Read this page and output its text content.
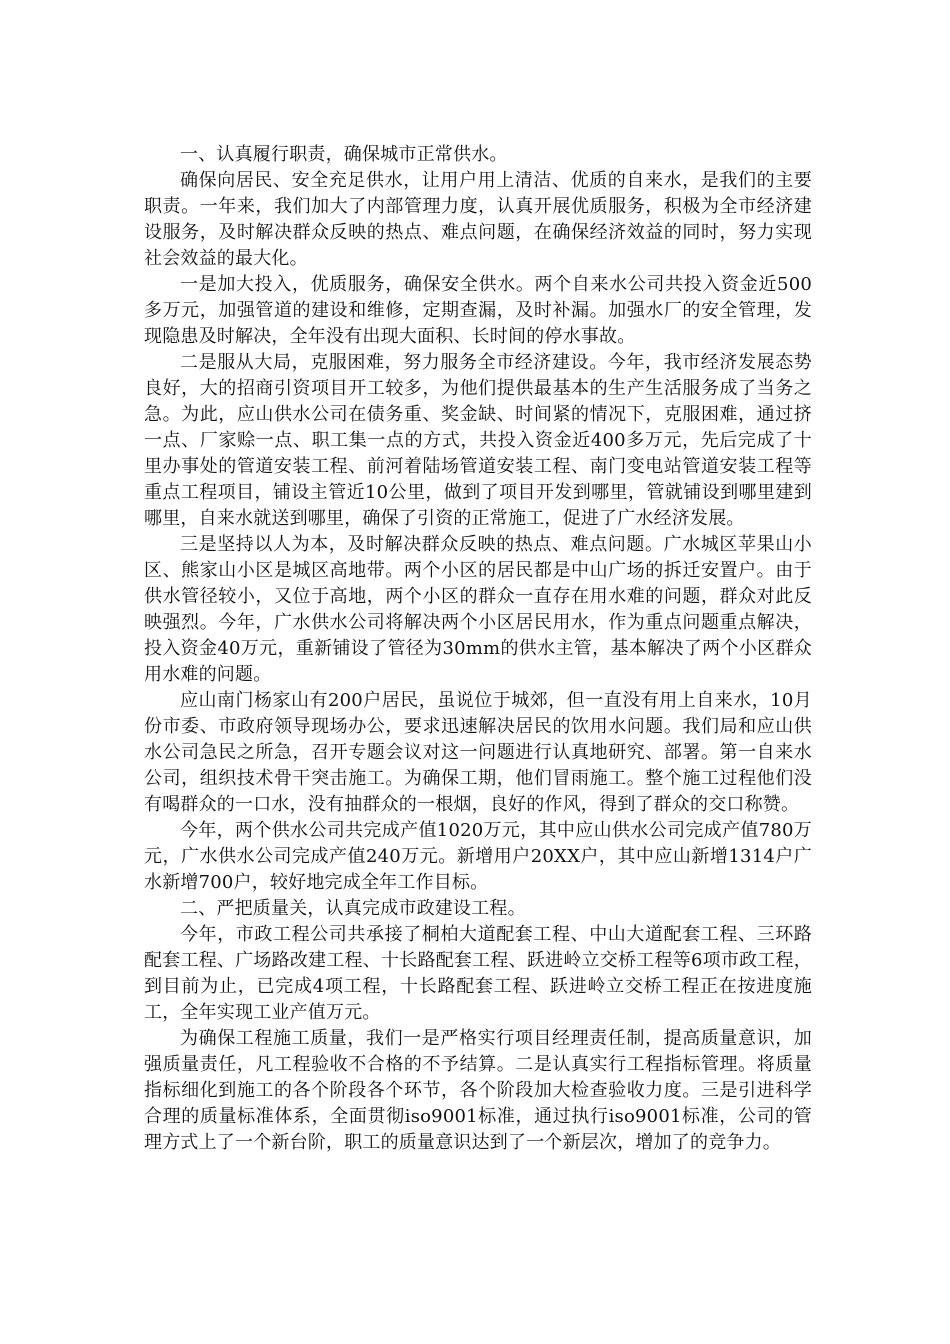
一、认真履行职责，确保城市正常供水。

确保向居民、安全充足供水，让用户用上清洁、优质的自来水，是我们的主要职责。一年来，我们加大了内部管理力度，认真开展优质服务，积极为全市经济建设服务，及时解决群众反映的热点、难点问题，在确保经济效益的同时，努力实现社会效益的最大化。

一是加大投入，优质服务，确保安全供水。两个自来水公司共投入资金近500多万元，加强管道的建设和维修，定期查漏，及时补漏。加强水厂的安全管理，发现隐患及时解决，全年没有出现大面积、长时间的停水事故。

二是服从大局，克服困难，努力服务全市经济建设。今年，我市经济发展态势良好，大的招商引资项目开工较多，为他们提供最基本的生产生活服务成了当务之急。为此，应山供水公司在债务重、奖金缺、时间紧的情况下，克服困难，通过挤一点、厂家赊一点、职工集一点的方式，共投入资金近400多万元，先后完成了十里办事处的管道安装工程、前河着陆场管道安装工程、南门变电站管道安装工程等重点工程项目，铺设主管近10公里，做到了项目开发到哪里，管就铺设到哪里建到哪里，自来水就送到哪里，确保了引资的正常施工，促进了广水经济发展。

三是坚持以人为本，及时解决群众反映的热点、难点问题。广水城区苹果山小区、熊家山小区是城区高地带。两个小区的居民都是中山广场的拆迁安置户。由于供水管径较小，又位于高地，两个小区的群众一直存在用水难的问题，群众对此反映强烈。今年，广水供水公司将解决两个小区居民用水，作为重点问题重点解决，投入资金40万元，重新铺设了管径为30mm的供水主管，基本解决了两个小区群众用水难的问题。

应山南门杨家山有200户居民，虽说位于城郊，但一直没有用上自来水，10月份市委、市政府领导现场办公，要求迅速解决居民的饮用水问题。我们局和应山供水公司急民之所急，召开专题会议对这一问题进行认真地研究、部署。第一自来水公司，组织技术骨干突击施工。为确保工期，他们冒雨施工。整个施工过程他们没有喝群众的一口水，没有抽群众的一根烟，良好的作风，得到了群众的交口称赞。

今年，两个供水公司共完成产值1020万元，其中应山供水公司完成产值780万元，广水供水公司完成产值240万元。新增用户20XX户，其中应山新增1314户广水新增700户，较好地完成全年工作目标。

二、严把质量关，认真完成市政建设工程。

今年，市政工程公司共承接了桐柏大道配套工程、中山大道配套工程、三环路配套工程、广场路改建工程、十长路配套工程、跃进岭立交桥工程等6项市政工程，到目前为止，已完成4项工程，十长路配套工程、跃进岭立交桥工程正在按进度施工，全年实现工业产值万元。

为确保工程施工质量，我们一是严格实行项目经理责任制，提高质量意识，加强质量责任，凡工程验收不合格的不予结算。二是认真实行工程指标管理。将质量指标细化到施工的各个阶段各个环节，各个阶段加大检查验收力度。三是引进科学合理的质量标准体系，全面贯彻iso9001标准，通过执行iso9001标准，公司的管理方式上了一个新台阶，职工的质量意识达到了一个新层次，增加了的竞争力。
